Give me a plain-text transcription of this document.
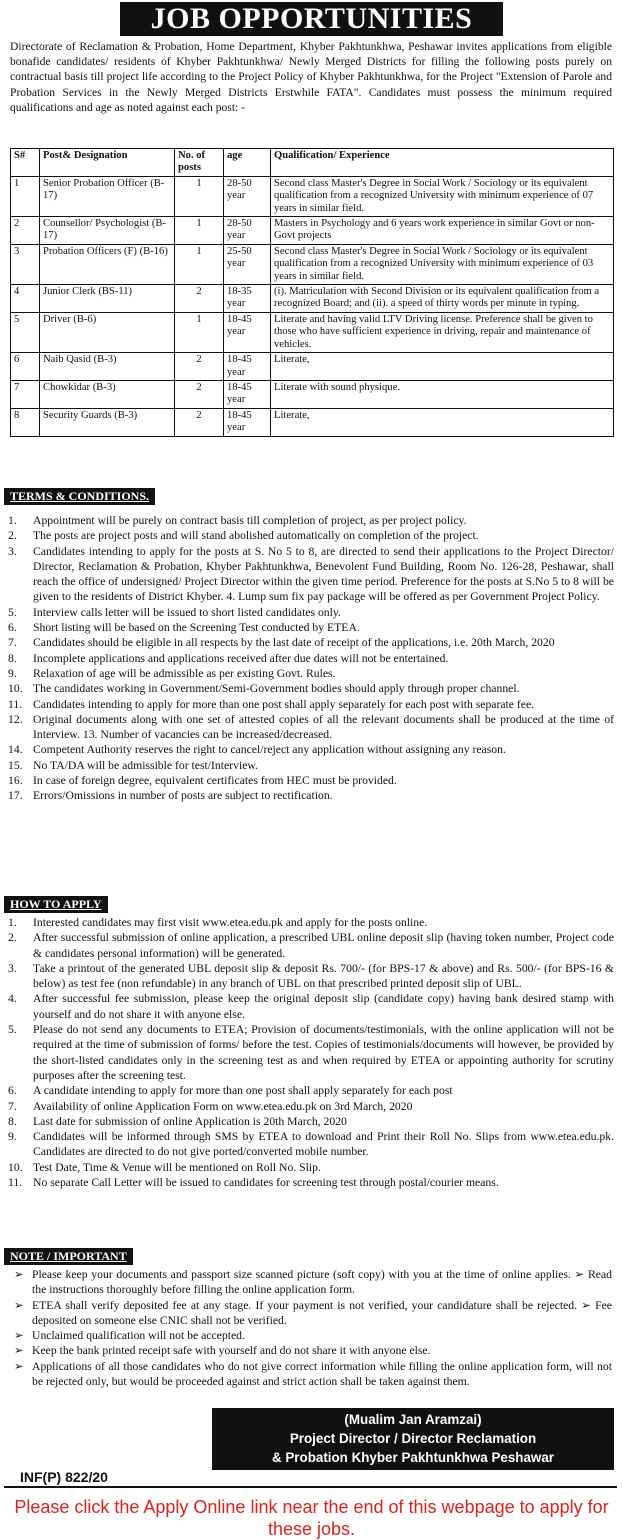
JOB OPPORTUNITIES
Directorate of Reclamation & Probation, Home Department, Khyber Pakhtunkhwa, Peshawar invites applications from eligible bonafide candidates/ residents of Khyber Pakhtunkhwa/ Newly Merged Districts for filling the following posts purely on contractual basis till project life according to the Project Policy of Khyber Pakhtunkhwa, for the Project "Extension of Parole and Probation Services in the Newly Merged Districts Erstwhile FATA". Candidates must possess the minimum required qualifications and age as noted against each post: -
S#	Post& Designation	No. of posts	age	Qualification/ Experience
1	Senior Probation Officer (B-17)	1	28-50 year	Second class Master's Degree in Social Work / Sociology or its equivalent qualification from a recognized University with minimum experience of 07 years in similar field.
2	Counsellor/ Psychologist (B-17)	1	28-50 year	Masters in Psychology and 6 years work experience in similar Govt or non-Govt projects
3	Probation Officers (F) (B-16)	1	25-50 year	Second class Master's Degree in Social Work / Sociology or its equivalent qualification from a recognized University with minimum experience of 03 years in similar field.
4	Junior Clerk (BS-11)	2	18-35 year	(i). Matriculation with Second Division or its equivalent qualification from a recognized Board; and (ii). a speed of thirty words per minute in typing.
5	Driver (B-6)	1	18-45 year	Literate and having valid LTV Driving license. Preference shall be given to those who have sufficient experience in driving, repair and maintenance of vehicles.
6	Naib Qasid (B-3)	2	18-45 year	Literate,
7	Chowkidar (B-3)	2	18-45 year	Literate with sound physique.
8	Security Guards (B-3)	2	18-45 year	Literate,
TERMS & CONDITIONS.
1.	Appointment will be purely on contract basis till completion of project, as per project policy.
2.	The posts are project posts and will stand abolished automatically on completion of the project.
3.	Candidates intending to apply for the posts at S. No 5 to 8, are directed to send their applications to the Project Director/ Director, Reclamation & Probation, Khyber Pakhtunkhwa, Benevolent Fund Building, Room No. 126-28, Peshawar, shall reach the office of undersigned/ Project Director within the given time period. Preference for the posts at S.No 5 to 8 will be given to the residents of District Khyber. 4. Lump sum fix pay package will be offered as per Government Project Policy.
5.	Interview calls letter will be issued to short listed candidates only.
6.	Short listing will be based on the Screening Test conducted by ETEA.
7.	Candidates should be eligible in all respects by the last date of receipt of the applications, i.e. 20th March, 2020
8.	Incomplete applications and applications received after due dates will not be entertained.
9.	Relaxation of age will be admissible as per existing Govt. Rules.
10. The candidates working in Government/Semi-Government bodies should apply through proper channel.
11. Candidates intending to apply for more than one post shall apply separately for each post with separate fee.
12. Original documents along with one set of attested copies of all the relevant documents shall be produced at the time of Interview. 13. Number of vacancies can be increased/decreased.
14. Competent Authority reserves the right to cancel/reject any application without assigning any reason.
15. No TA/DA will be admissible for test/Interview.
16. In case of foreign degree, equivalent certificates from HEC must be provided.
17. Errors/Omissions in number of posts are subject to rectification.
HOW TO APPLY
1.	Interested candidates may first visit www.etea.edu.pk and apply for the posts online.
2.	After successful submission of online application, a prescribed UBL online deposit slip (having token number, Project code & candidates personal information) will be generated.
3.	Take a printout of the generated UBL deposit slip & deposit Rs. 700/- (for BPS-17 & above) and Rs. 500/- (for BPS-16 & below) as test fee (non refundable) in any branch of UBL on that prescribed printed deposit slip of UBL.
4.	After successful fee submission, please keep the original deposit slip (candidate copy) having bank desired stamp with yourself and do not share it with anyone else.
5.	Please do not send any documents to ETEA; Provision of documents/testimonials, with the online application will not be required at the time of submission of forms/ before the test. Copies of testimonials/documents will however, be provided by the short-listed candidates only in the screening test as and when required by ETEA or appointing authority for scrutiny purposes after the screening test.
6.	A candidate intending to apply for more than one post shall apply separately for each post
7.	Availability of online Application Form on www.etea.edu.pk on 3rd March, 2020
8.	Last date for submission of online Application is 20th March, 2020
9.	Candidates will be informed through SMS by ETEA to download and Print their Roll No. Slips from www.etea.edu.pk. Candidates are directed to do not give ported/converted mobile number.
10. Test Date, Time & Venue will be mentioned on Roll No. Slip.
11. No separate Call Letter will be issued to candidates for screening test through postal/courier means.
NOTE / IMPORTANT
➢ Please keep your documents and passport size scanned picture (soft copy) with you at the time of online applies. ➢ Read the instructions thoroughly before filling the online application form.
➢ ETEA shall verify deposited fee at any stage. If your payment is not verified, your candidature shall be rejected. ➢ Fee deposited on someone else CNIC shall not be verified.
➢ Unclaimed qualification will not be accepted.
➢ Keep the bank printed receipt safe with yourself and do not share it with anyone else.
➢ Applications of all those candidates who do not give correct information while filling the online application form, will not be rejected only, but would be proceeded against and strict action shall be taken against them.
(Mualim Jan Aramzai)
Project Director / Director Reclamation
& Probation Khyber Pakhtunkhwa Peshawar
INF(P) 822/20
Please click the Apply Online link near the end of this webpage to apply for these jobs.
